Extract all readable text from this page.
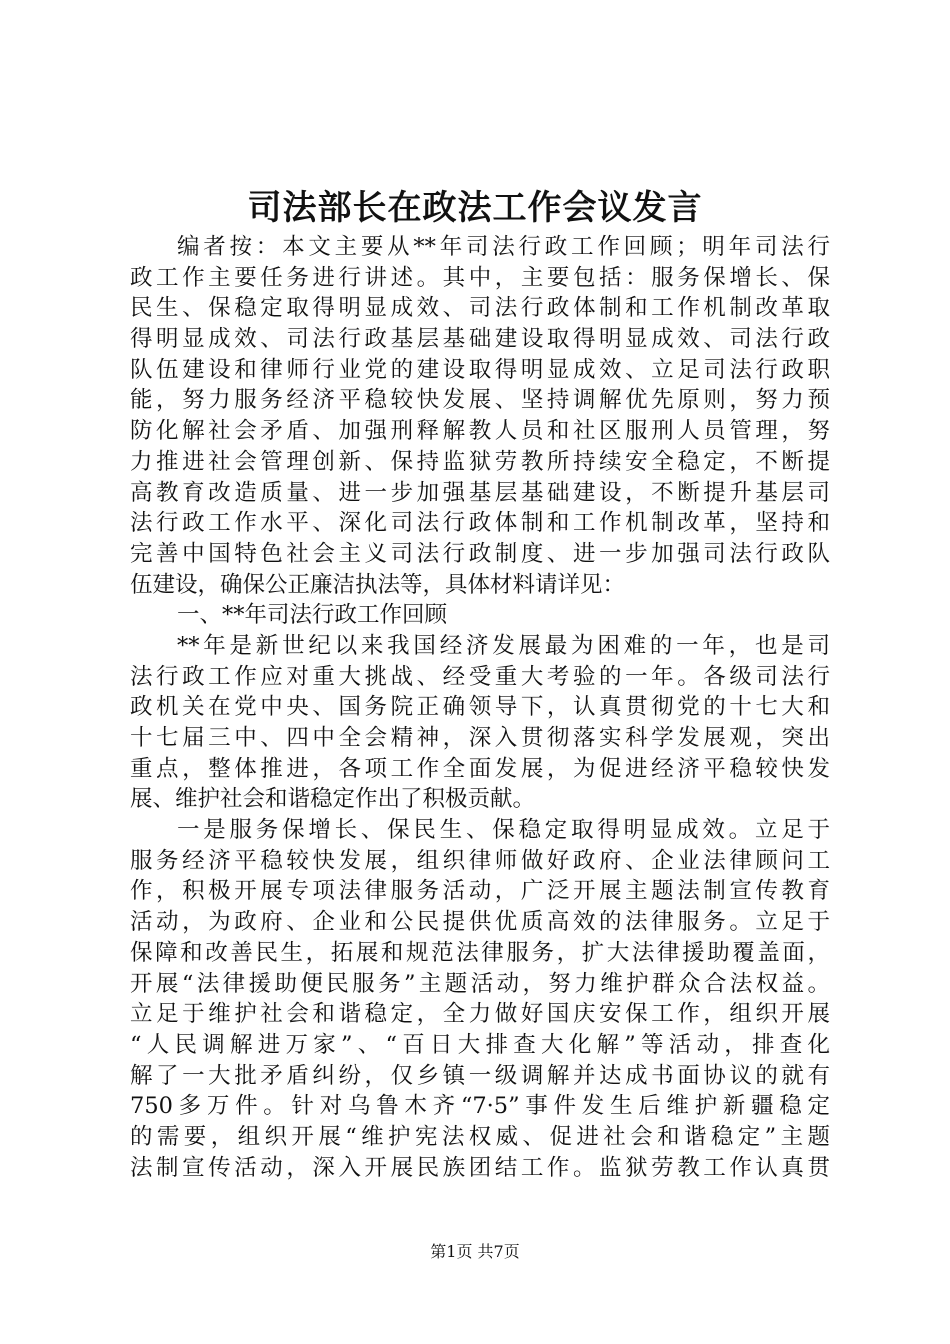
司法部长在政法工作会议发言
编者按：本文主要从**年司法行政工作回顾；明年司法行
政工作主要任务进行讲述。其中，主要包括：服务保增长、保
民生、保稳定取得明显成效、司法行政体制和工作机制改革取
得明显成效、司法行政基层基础建设取得明显成效、司法行政
队伍建设和律师行业党的建设取得明显成效、立足司法行政职
能，努力服务经济平稳较快发展、坚持调解优先原则，努力预
防化解社会矛盾、加强刑释解教人员和社区服刑人员管理，努
力推进社会管理创新、保持监狱劳教所持续安全稳定，不断提
高教育改造质量、进一步加强基层基础建设，不断提升基层司
法行政工作水平、深化司法行政体制和工作机制改革，坚持和
完善中国特色社会主义司法行政制度、进一步加强司法行政队
伍建设，确保公正廉洁执法等，具体材料请详见：
一、**年司法行政工作回顾
**年是新世纪以来我国经济发展最为困难的一年，也是司
法行政工作应对重大挑战、经受重大考验的一年。各级司法行
政机关在党中央、国务院正确领导下，认真贯彻党的十七大和
十七届三中、四中全会精神，深入贯彻落实科学发展观，突出
重点，整体推进，各项工作全面发展，为促进经济平稳较快发
展、维护社会和谐稳定作出了积极贡献。
一是服务保增长、保民生、保稳定取得明显成效。立足于
服务经济平稳较快发展，组织律师做好政府、企业法律顾问工
作，积极开展专项法律服务活动，广泛开展主题法制宣传教育
活动，为政府、企业和公民提供优质高效的法律服务。立足于
保障和改善民生，拓展和规范法律服务，扩大法律援助覆盖面，
开展“法律援助便民服务”主题活动，努力维护群众合法权益。
立足于维护社会和谐稳定，全力做好国庆安保工作，组织开展
“人民调解进万家”、“百日大排查大化解”等活动，排查化
解了一大批矛盾纠纷，仅乡镇一级调解并达成书面协议的就有
750多万件。针对乌鲁木齐“7·5”事件发生后维护新疆稳定
的需要，组织开展“维护宪法权威、促进社会和谐稳定”主题
法制宣传活动，深入开展民族团结工作。监狱劳教工作认真贯
第1页 共7页
